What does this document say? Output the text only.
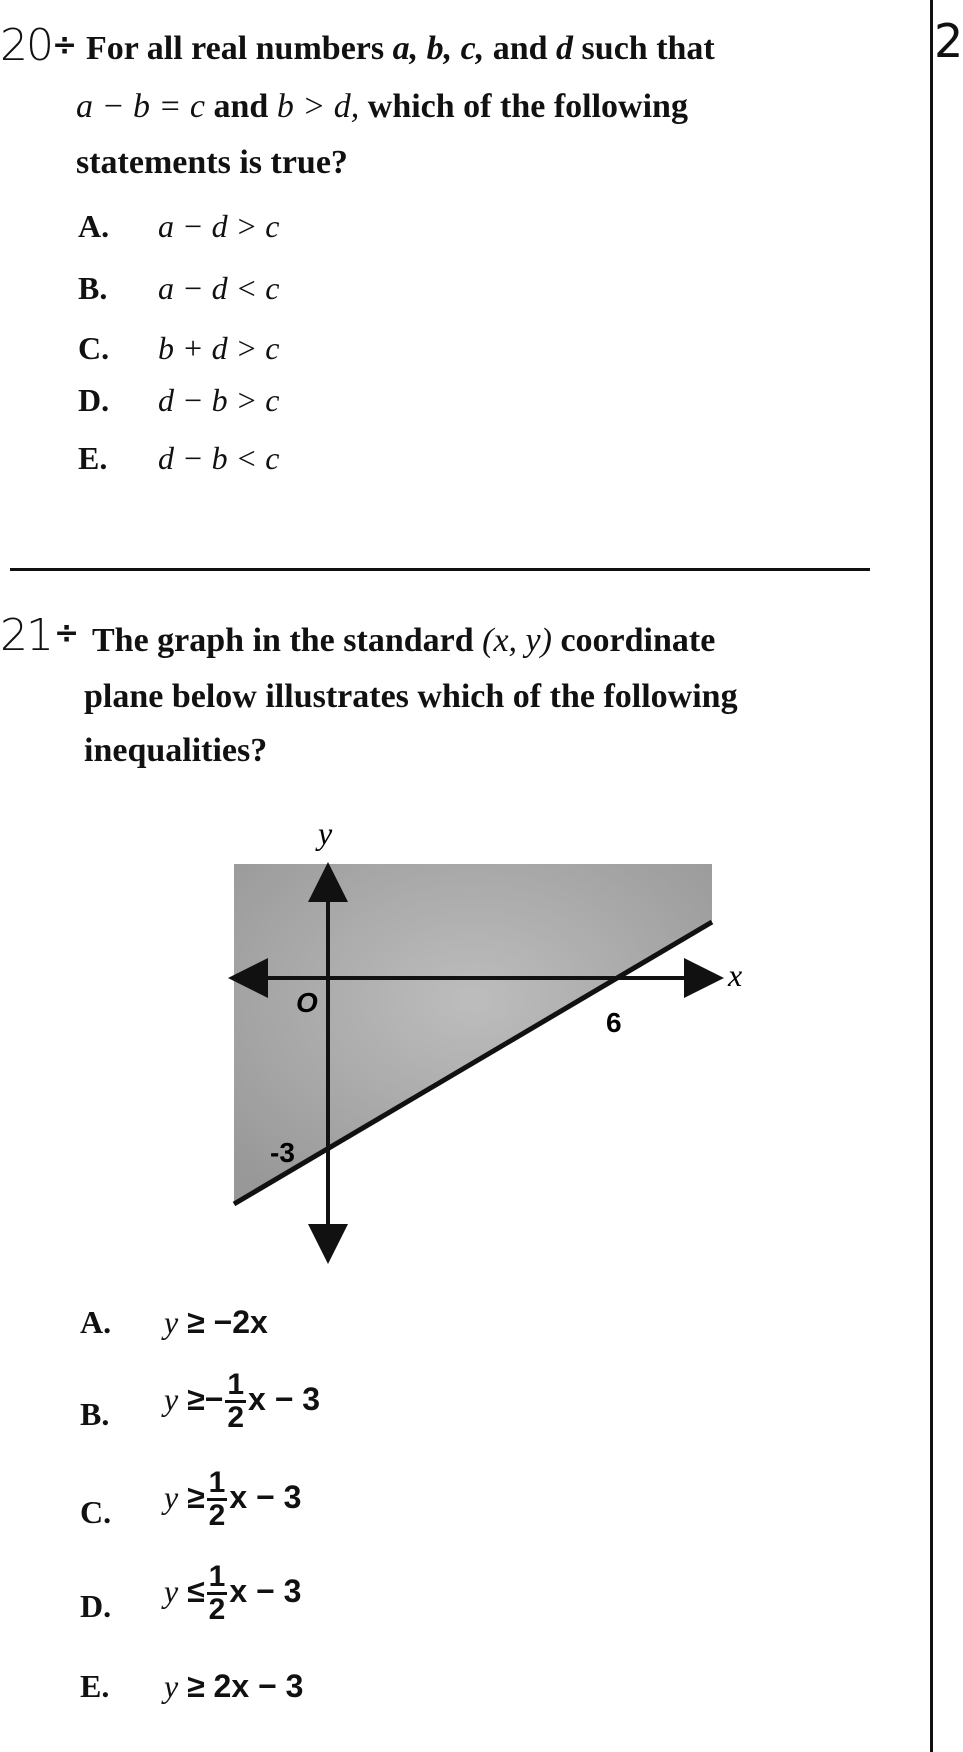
2
20 ÷ For all real numbers a, b, c, and d such that
a − b = c and b > d, which of the following
statements is true?
A. a − d > c
B. a − d < c
C. b + d > c
D. d − b > c
E. d − b < c
21 ÷ The graph in the standard (x, y) coordinate
plane below illustrates which of the following
inequalities?
y
x
O
6
-3
A. y ≥ −2x
B. $y \ge- \frac{1}{2}$ x − 3
C. $y \ge \frac{1}{2}$ x − 3
D. $y \le \frac{1}{2}$ x − 3
E. y ≥ 2x − 3
